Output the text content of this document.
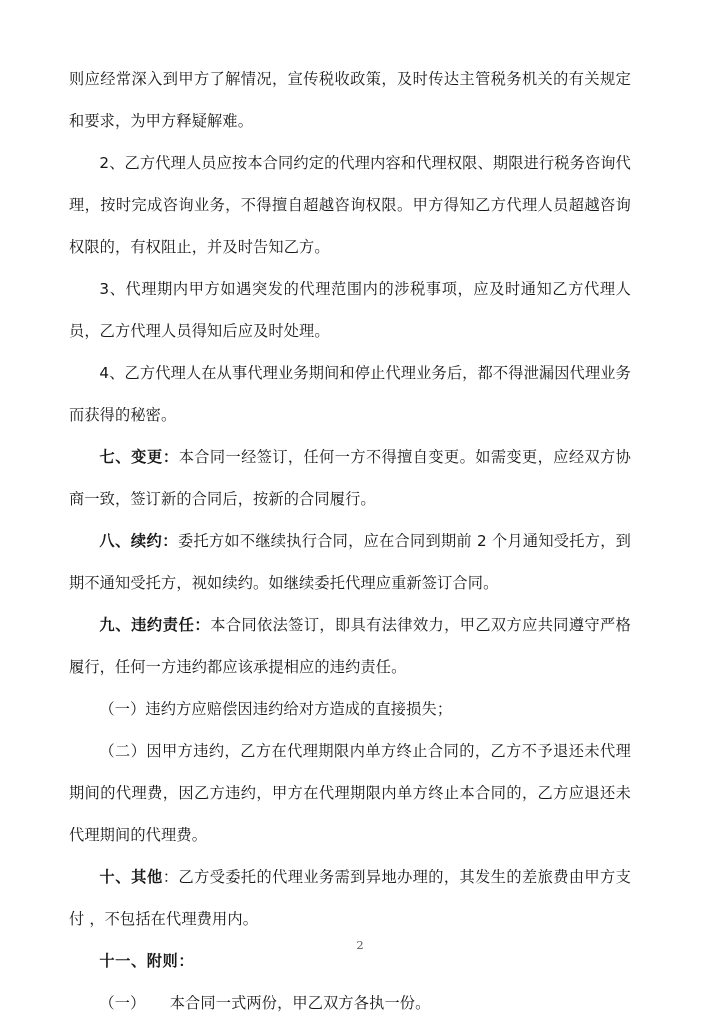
则应经常深入到甲方了解情况，宣传税收政策，及时传达主管税务机关的有关规定和要求，为甲方释疑解难。

2、乙方代理人员应按本合同约定的代理内容和代理权限、期限进行税务咨询代理，按时完成咨询业务，不得擅自超越咨询权限。甲方得知乙方代理人员超越咨询权限的，有权阻止，并及时告知乙方。

3、代理期内甲方如遇突发的代理范围内的涉税事项，应及时通知乙方代理人员，乙方代理人员得知后应及时处理。

4、乙方代理人在从事代理业务期间和停止代理业务后，都不得泄漏因代理业务而获得的秘密。

七、变更：本合同一经签订，任何一方不得擅自变更。如需变更，应经双方协商一致，签订新的合同后，按新的合同履行。

八、续约：委托方如不继续执行合同，应在合同到期前 2 个月通知受托方，到期不通知受托方，视如续约。如继续委托代理应重新签订合同。

九、违约责任：本合同依法签订，即具有法律效力，甲乙双方应共同遵守严格履行，任何一方违约都应该承提相应的违约责任。

（一）违约方应赔偿因违约给对方造成的直接损失；

（二）因甲方违约，乙方在代理期限内单方终止合同的，乙方不予退还未代理期间的代理费，因乙方违约，甲方在代理期限内单方终止本合同的，乙方应退还未代理期间的代理费。

十、其他：乙方受委托的代理业务需到异地办理的，其发生的差旅费由甲方支付 ，不包括在代理费用内。

十一、附则：

（一） 本合同一式两份，甲乙双方各执一份。

2
